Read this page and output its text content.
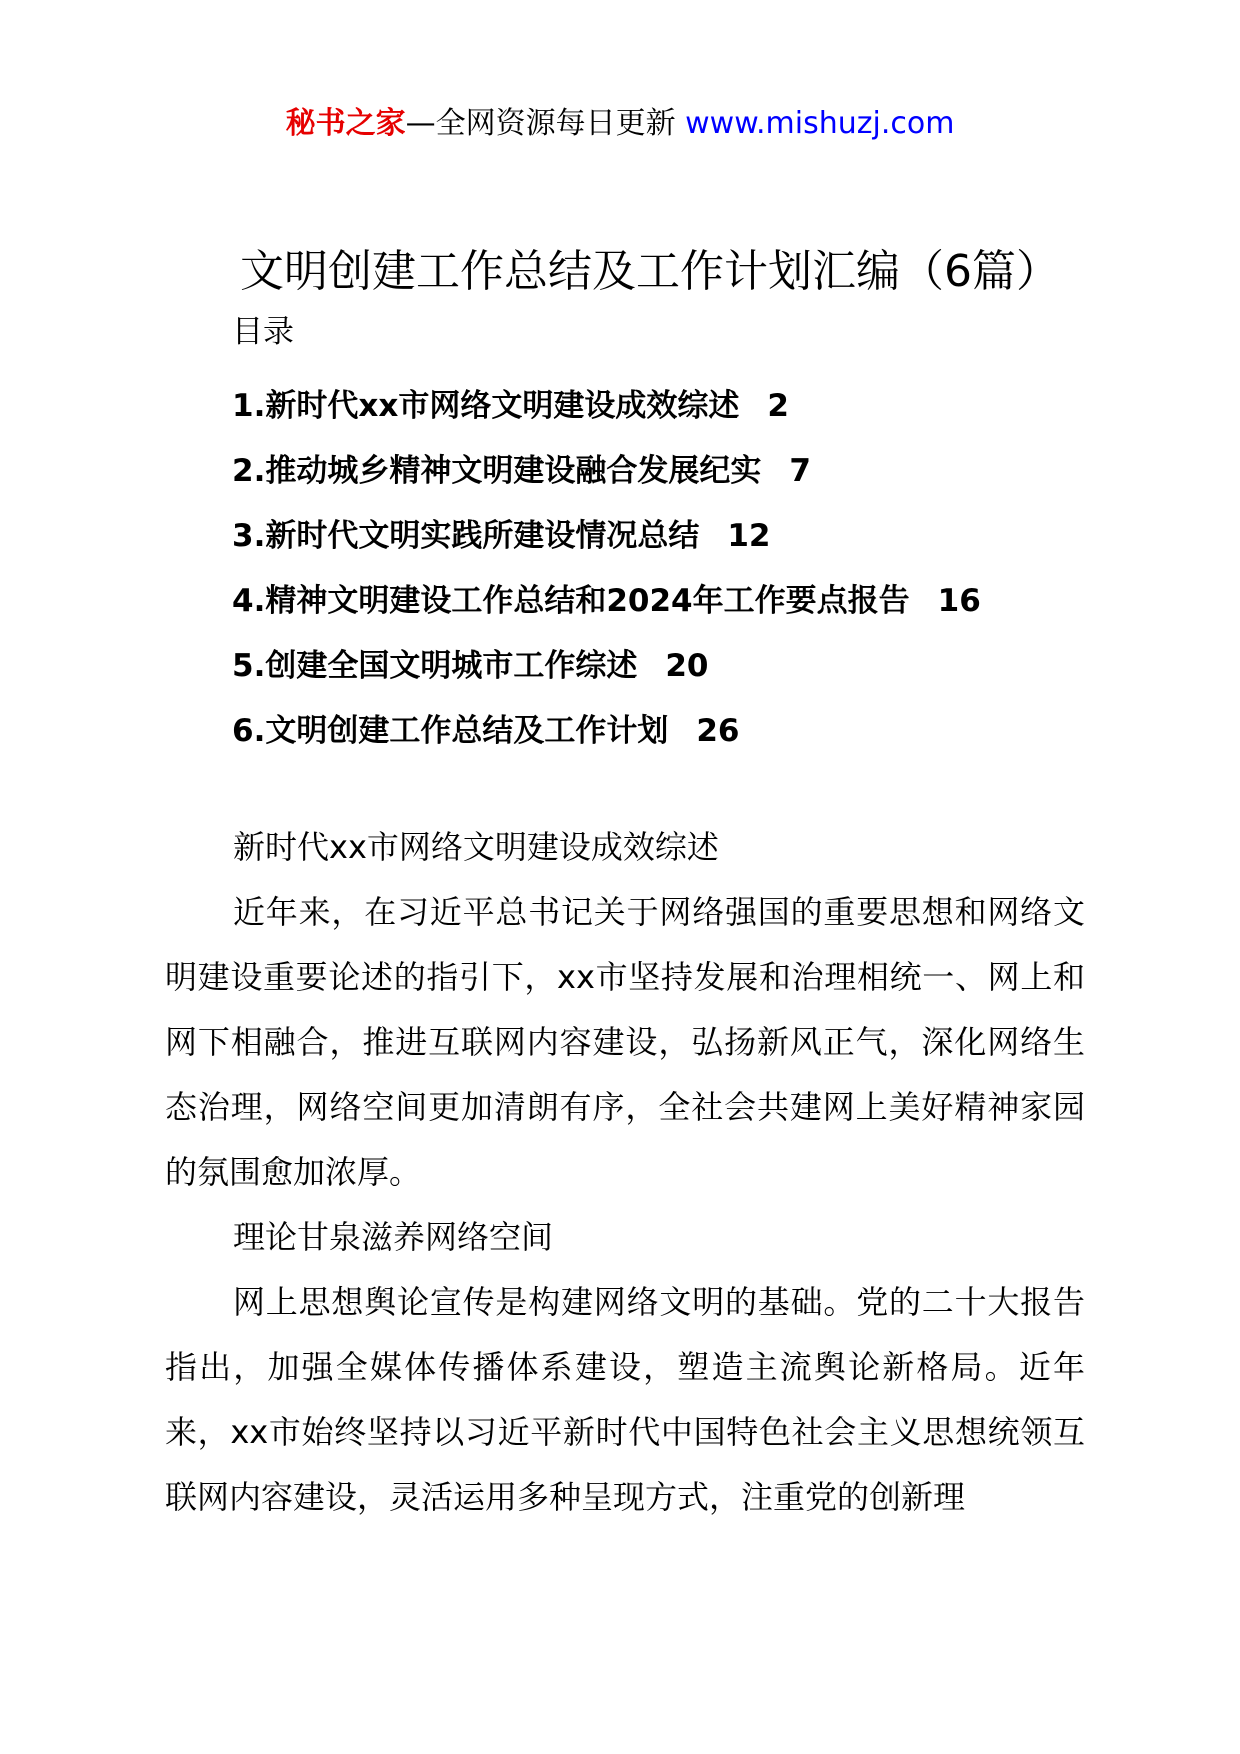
秘书之家—全网资源每日更新 www.mishuzj.com
文明创建工作总结及工作计划汇编（6篇）
目录
1.新时代xx市网络文明建设成效综述 2
2.推动城乡精神文明建设融合发展纪实 7
3.新时代文明实践所建设情况总结 12
4.精神文明建设工作总结和2024年工作要点报告 16
5.创建全国文明城市工作综述 20
6.文明创建工作总结及工作计划 26

新时代xx市网络文明建设成效综述

近年来，在习近平总书记关于网络强国的重要思想和网络文明建设重要论述的指引下，xx市坚持发展和治理相统一、网上和网下相融合，推进互联网内容建设，弘扬新风正气，深化网络生态治理，网络空间更加清朗有序，全社会共建网上美好精神家园的氛围愈加浓厚。

理论甘泉滋养网络空间

网上思想舆论宣传是构建网络文明的基础。党的二十大报告指出，加强全媒体传播体系建设，塑造主流舆论新格局。近年来，xx市始终坚持以习近平新时代中国特色社会主义思想统领互联网内容建设，灵活运用多种呈现方式，注重党的创新理
